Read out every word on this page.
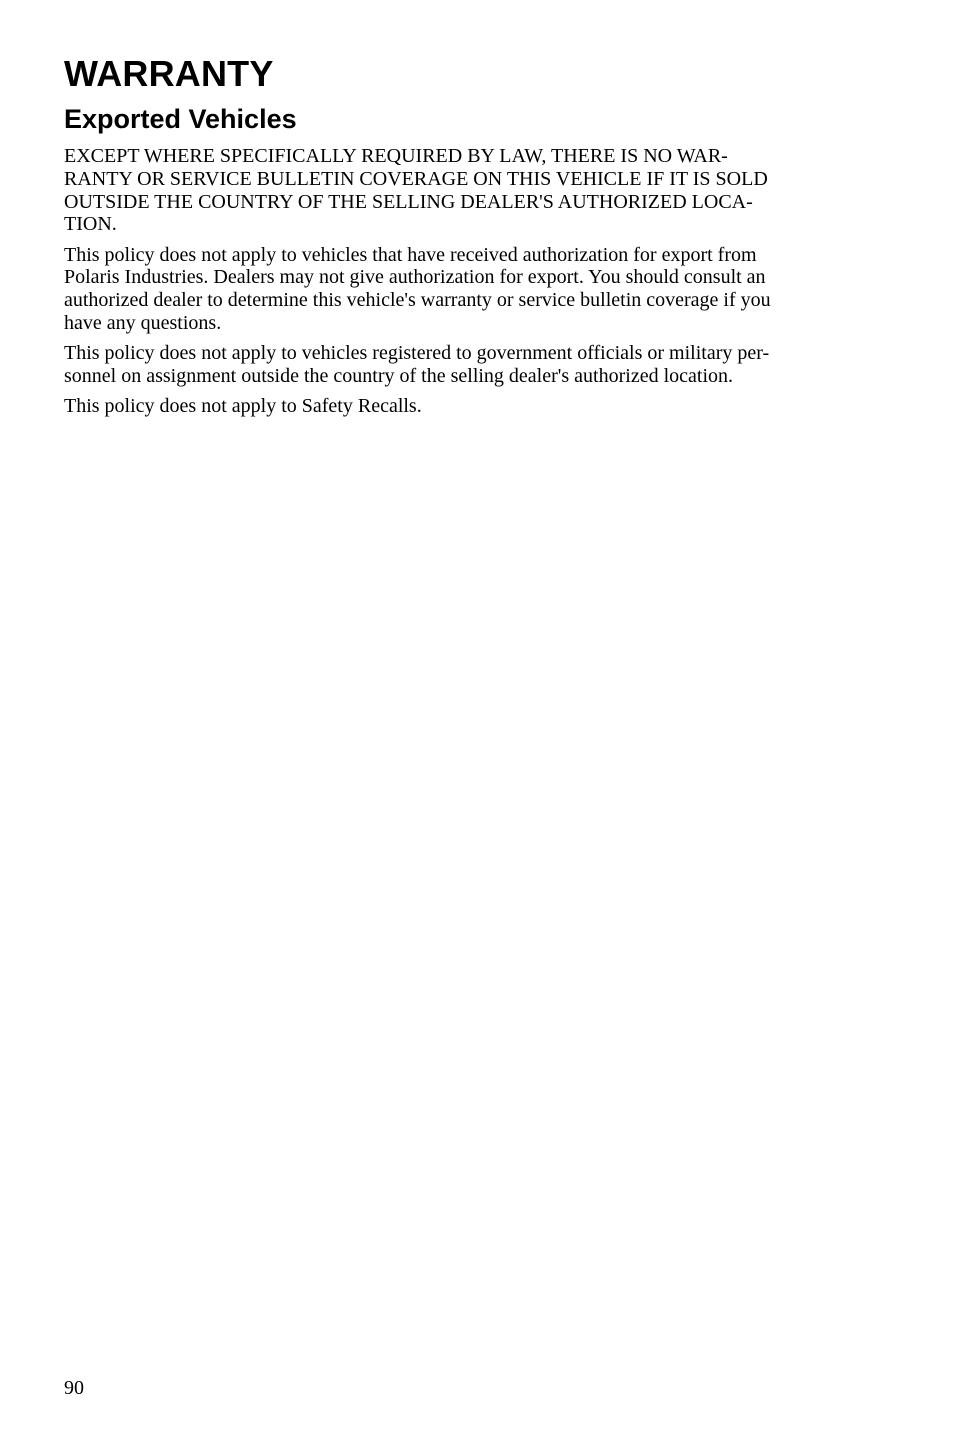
WARRANTY
Exported Vehicles

EXCEPT WHERE SPECIFICALLY REQUIRED BY LAW, THERE IS NO WAR-
RANTY OR SERVICE BULLETIN COVERAGE ON THIS VEHICLE IF IT IS SOLD
OUTSIDE THE COUNTRY OF THE SELLING DEALER'S AUTHORIZED LOCA-
TION.

This policy does not apply to vehicles that have received authorization for export from
Polaris Industries. Dealers may not give authorization for export. You should consult an
authorized dealer to determine this vehicle's warranty or service bulletin coverage if you
have any questions.

This policy does not apply to vehicles registered to government officials or military per-
sonnel on assignment outside the country of the selling dealer's authorized location.

This policy does not apply to Safety Recalls.

90
